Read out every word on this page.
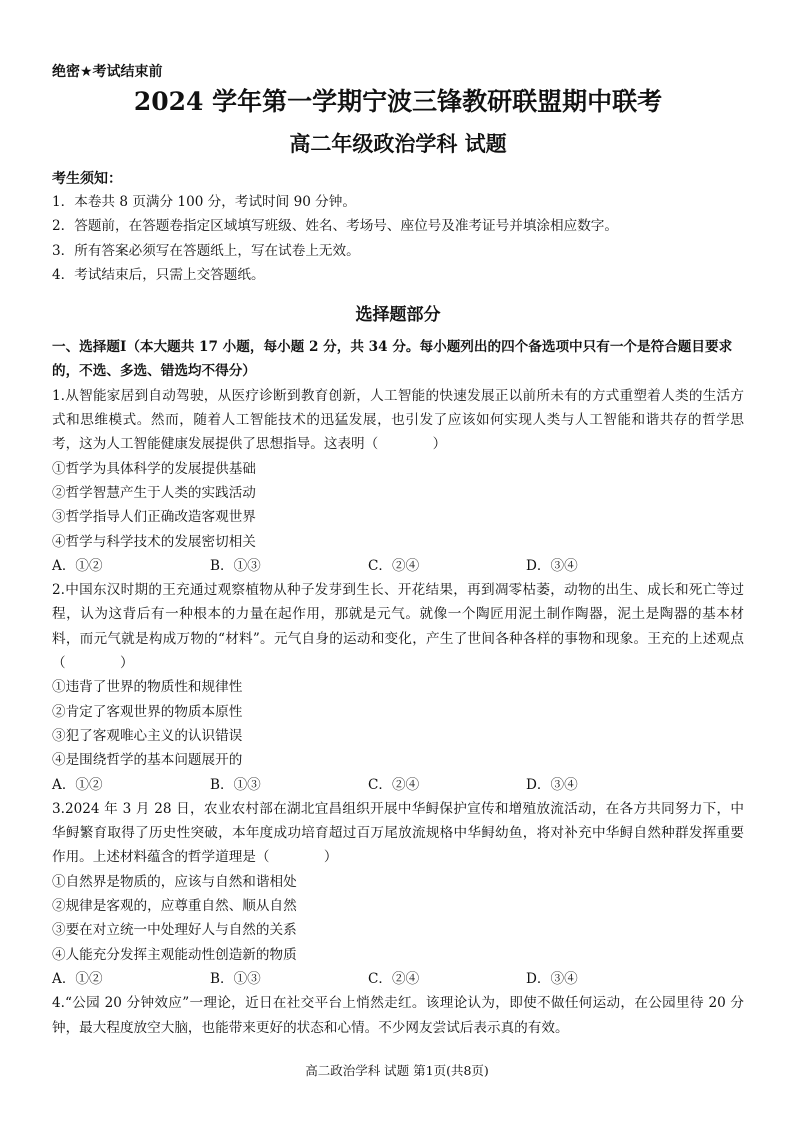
绝密★考试结束前
2024 学年第一学期宁波三锋教研联盟期中联考
高二年级政治学科 试题
考生须知：
1．本卷共 8 页满分 100 分，考试时间 90 分钟。
2．答题前，在答题卷指定区域填写班级、姓名、考场号、座位号及准考证号并填涂相应数字。
3．所有答案必须写在答题纸上，写在试卷上无效。
4．考试结束后，只需上交答题纸。
选择题部分
一、选择题Ⅰ（本大题共 17 小题，每小题 2 分，共 34 分。每小题列出的四个备选项中只有一个是符合题目要求的，不选、多选、错选均不得分）
1.从智能家居到自动驾驶，从医疗诊断到教育创新，人工智能的快速发展正以前所未有的方式重塑着人类的生活方式和思维模式。然而，随着人工智能技术的迅猛发展，也引发了应该如何实现人类与人工智能和谐共存的哲学思考，这为人工智能健康发展提供了思想指导。这表明（　　　　）
①哲学为具体科学的发展提供基础
②哲学智慧产生于人类的实践活动
③哲学指导人们正确改造客观世界
④哲学与科学技术的发展密切相关
A．①②	B．①③	C．②④	D．③④
2.中国东汉时期的王充通过观察植物从种子发芽到生长、开花结果，再到凋零枯萎，动物的出生、成长和死亡等过程，认为这背后有一种根本的力量在起作用，那就是元气。就像一个陶匠用泥土制作陶器，泥土是陶器的基本材料，而元气就是构成万物的“材料”。元气自身的运动和变化，产生了世间各种各样的事物和现象。王充的上述观点（　　　　）
①违背了世界的物质性和规律性
②肯定了客观世界的物质本原性
③犯了客观唯心主义的认识错误
④是围绕哲学的基本问题展开的
A．①②	B．①③	C．②④	D．③④
3.2024 年 3 月 28 日，农业农村部在湖北宜昌组织开展中华鲟保护宣传和增殖放流活动，在各方共同努力下，中华鲟繁育取得了历史性突破，本年度成功培育超过百万尾放流规格中华鲟幼鱼，将对补充中华鲟自然种群发挥重要作用。上述材料蕴含的哲学道理是（　　　　）
①自然界是物质的，应该与自然和谐相处
②规律是客观的，应尊重自然、顺从自然
③要在对立统一中处理好人与自然的关系
④人能充分发挥主观能动性创造新的物质
A．①②	B．①③	C．②④	D．③④
4.“公园 20 分钟效应”一理论，近日在社交平台上悄然走红。该理论认为，即使不做任何运动，在公园里待 20 分钟，最大程度放空大脑，也能带来更好的状态和心情。不少网友尝试后表示真的有效。
高二政治学科 试题 第1页(共8页)
